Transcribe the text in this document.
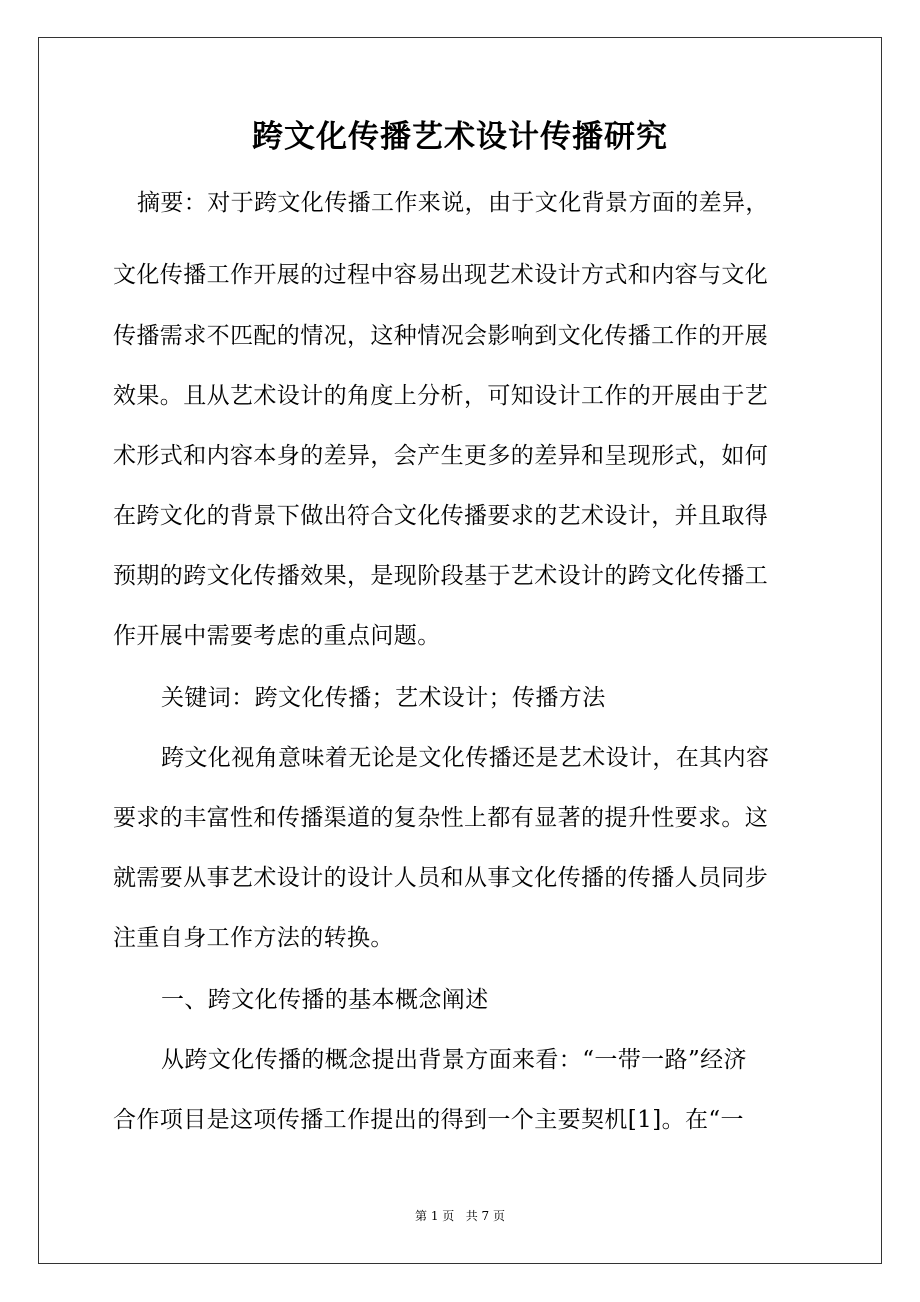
跨文化传播艺术设计传播研究
摘要：对于跨文化传播工作来说，由于文化背景方面的差异，
文化传播工作开展的过程中容易出现艺术设计方式和内容与文化
传播需求不匹配的情况，这种情况会影响到文化传播工作的开展
效果。且从艺术设计的角度上分析，可知设计工作的开展由于艺
术形式和内容本身的差异，会产生更多的差异和呈现形式，如何
在跨文化的背景下做出符合文化传播要求的艺术设计，并且取得
预期的跨文化传播效果，是现阶段基于艺术设计的跨文化传播工
作开展中需要考虑的重点问题。
关键词：跨文化传播；艺术设计；传播方法
跨文化视角意味着无论是文化传播还是艺术设计，在其内容
要求的丰富性和传播渠道的复杂性上都有显著的提升性要求。这
就需要从事艺术设计的设计人员和从事文化传播的传播人员同步
注重自身工作方法的转换。
一、跨文化传播的基本概念阐述
从跨文化传播的概念提出背景方面来看：“一带一路”经济
合作项目是这项传播工作提出的得到一个主要契机[1]。在“一
第 1 页   共 7 页
